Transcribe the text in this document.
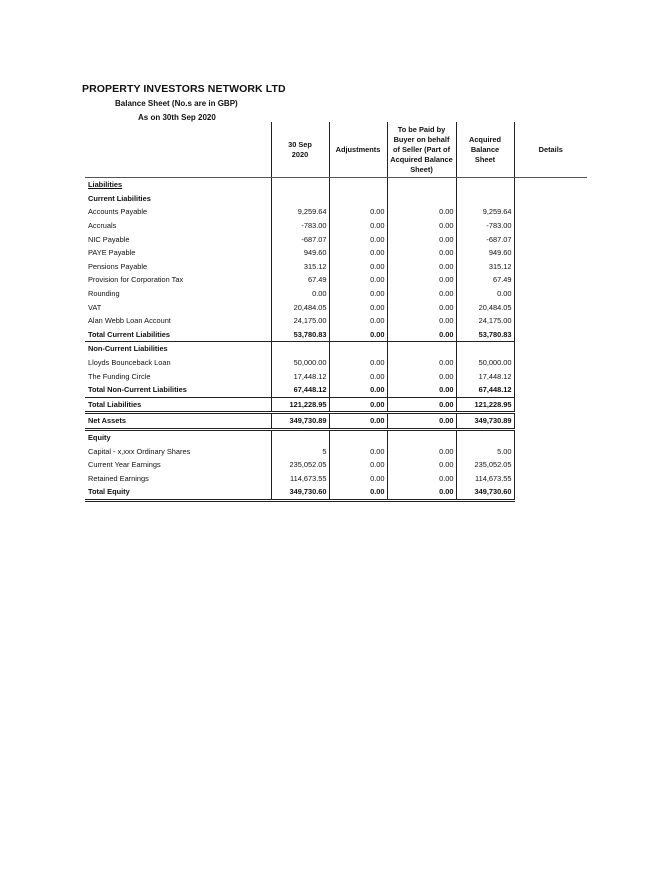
PROPERTY INVESTORS NETWORK LTD
Balance Sheet (No.s are in GBP)
As on 30th Sep 2020
	30 Sep 2020	Adjustments	To be Paid by Buyer on behalf of Seller (Part of Acquired Balance Sheet)	Acquired Balance Sheet	Details
Liabilities					
Current Liabilities					
Accounts Payable	9,259.64	0.00	0.00	9,259.64	
Accruals	-783.00	0.00	0.00	-783.00	
NIC Payable	-687.07	0.00	0.00	-687.07	
PAYE Payable	949.60	0.00	0.00	949.60	
Pensions Payable	315.12	0.00	0.00	315.12	
Provision for Corporation Tax	67.49	0.00	0.00	67.49	
Rounding	0.00	0.00	0.00	0.00	
VAT	20,484.05	0.00	0.00	20,484.05	
Alan Webb Loan Account	24,175.00	0.00	0.00	24,175.00	
Total Current Liabilities	53,780.83	0.00	0.00	53,780.83	
Non-Current Liabilities					
Lloyds Bounceback Loan	50,000.00	0.00	0.00	50,000.00	
The Funding Circle	17,448.12	0.00	0.00	17,448.12	
Total Non-Current Liabilities	67,448.12	0.00	0.00	67,448.12	
Total Liabilities	121,228.95	0.00	0.00	121,228.95	
Net Assets	349,730.89	0.00	0.00	349,730.89	
Equity					
Capital - x,xxx Ordinary Shares	5	0.00	0.00	5.00	
Current Year Earnings	235,052.05	0.00	0.00	235,052.05	
Retained Earnings	114,673.55	0.00	0.00	114,673.55	
Total Equity	349,730.60	0.00	0.00	349,730.60	
